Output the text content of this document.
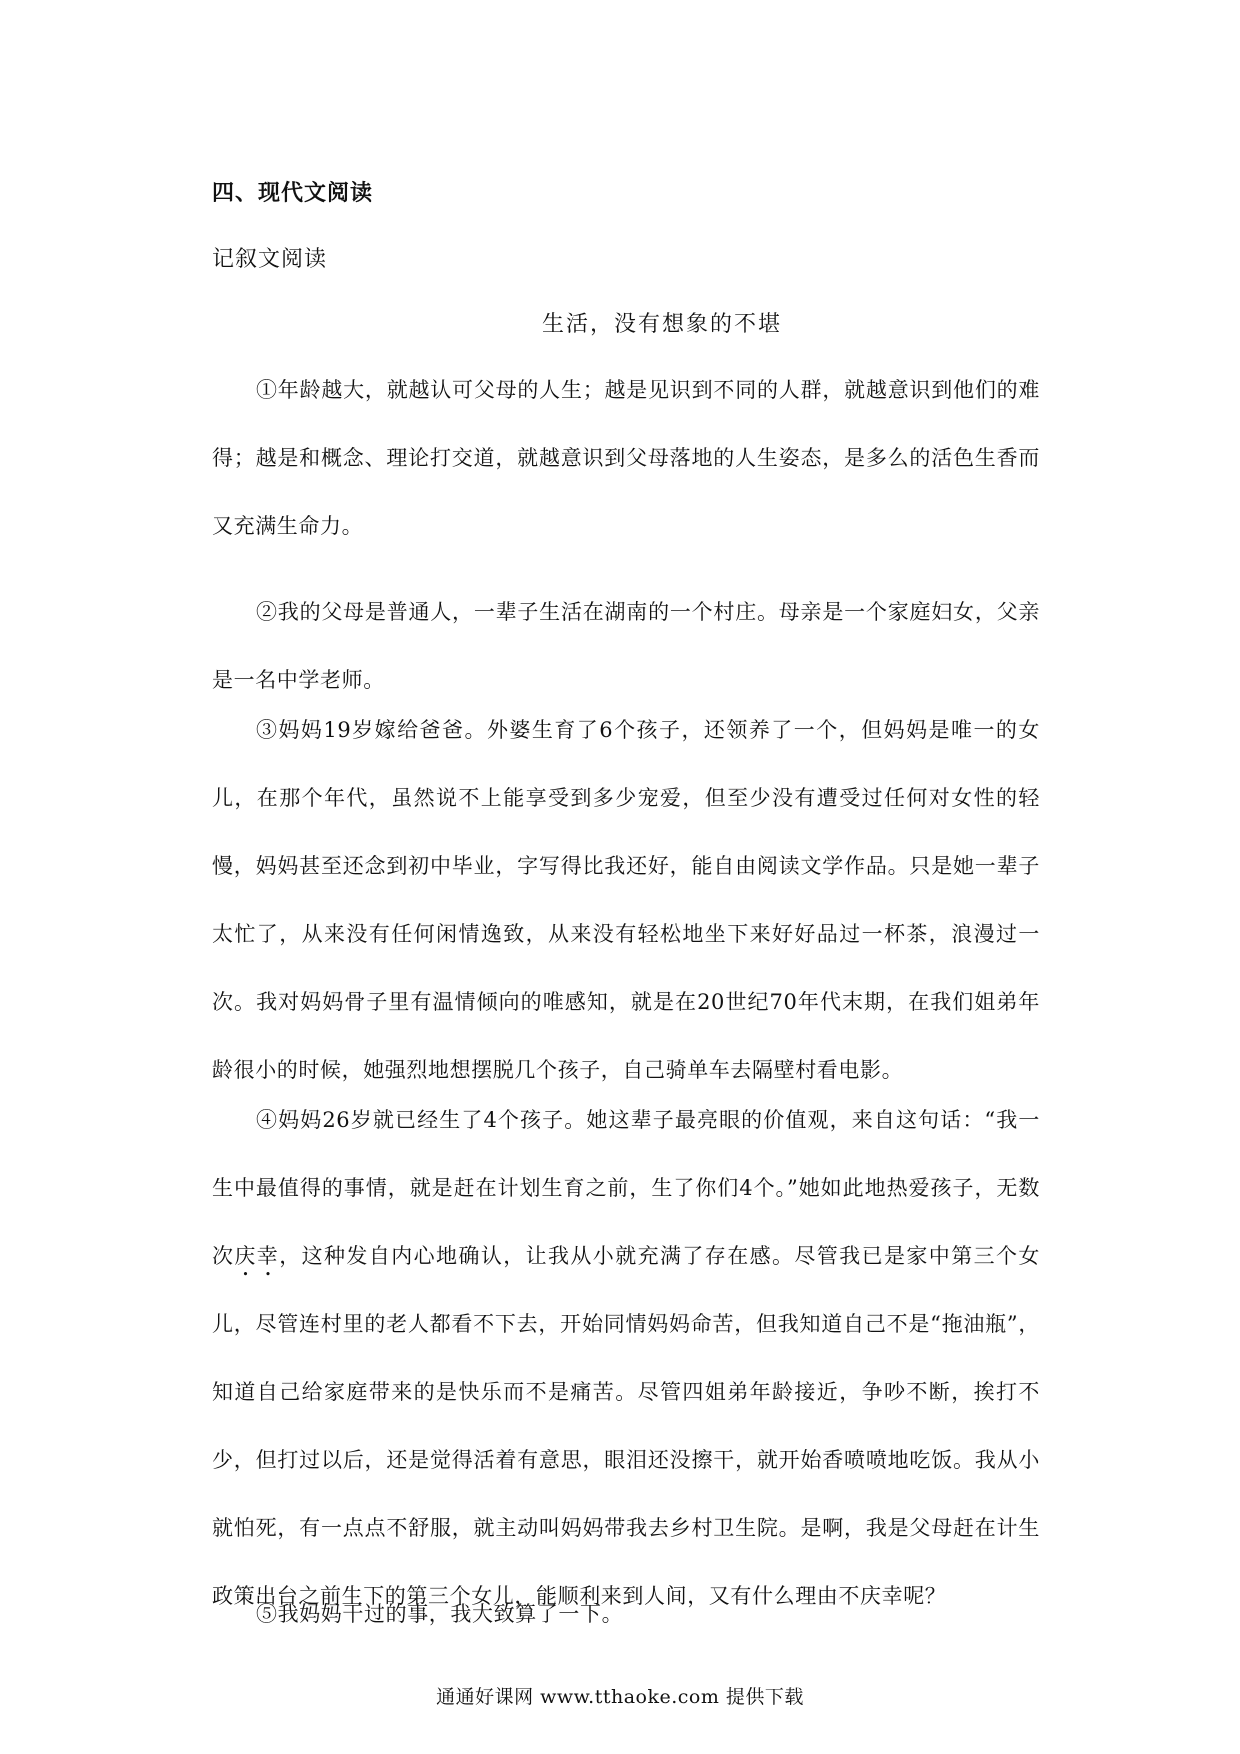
四、现代文阅读
记叙文阅读
生活，没有想象的不堪

①年龄越大，就越认可父母的人生；越是见识到不同的人群，就越意识到他们的难得；越是和概念、理论打交道，就越意识到父母落地的人生姿态，是多么的活色生香而又充满生命力。

②我的父母是普通人，一辈子生活在湖南的一个村庄。母亲是一个家庭妇女，父亲是一名中学老师。

③妈妈19岁嫁给爸爸。外婆生育了6个孩子，还领养了一个，但妈妈是唯一的女儿，在那个年代，虽然说不上能享受到多少宠爱，但至少没有遭受过任何对女性的轻慢，妈妈甚至还念到初中毕业，字写得比我还好，能自由阅读文学作品。只是她一辈子太忙了，从来没有任何闲情逸致，从来没有轻松地坐下来好好品过一杯茶，浪漫过一次。我对妈妈骨子里有温情倾向的唯感知，就是在20世纪70年代末期，在我们姐弟年龄很小的时候，她强烈地想摆脱几个孩子，自己骑单车去隔壁村看电影。

④妈妈26岁就已经生了4个孩子。她这辈子最亮眼的价值观，来自这句话：“我一生中最值得的事情，就是赶在计划生育之前，生了你们4个。”她如此地热爱孩子，无数次庆幸，这种发自内心地确认，让我从小就充满了存在感。尽管我已是家中第三个女儿，尽管连村里的老人都看不下去，开始同情妈妈命苦，但我知道自己不是“拖油瓶”，知道自己给家庭带来的是快乐而不是痛苦。尽管四姐弟年龄接近，争吵不断，挨打不少，但打过以后，还是觉得活着有意思，眼泪还没擦干，就开始香喷喷地吃饭。我从小就怕死，有一点点不舒服，就主动叫妈妈带我去乡村卫生院。是啊，我是父母赶在计生政策出台之前生下的第三个女儿，能顺利来到人间，又有什么理由不庆幸呢？

⑤我妈妈干过的事，我大致算了一下。

通通好课网 www.tthaoke.com 提供下载
